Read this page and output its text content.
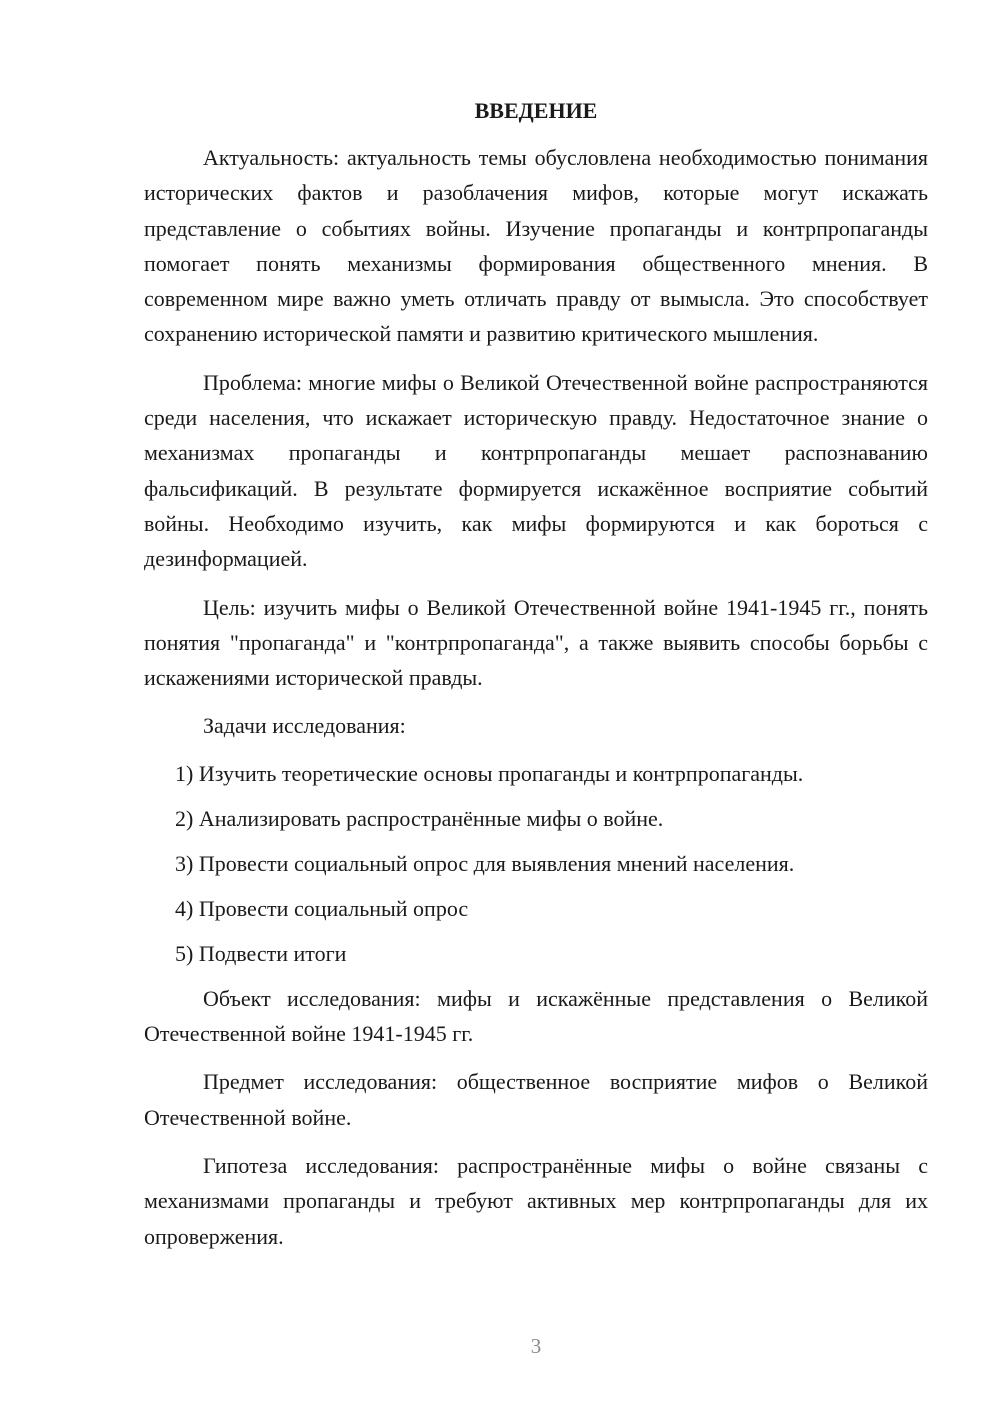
ВВЕДЕНИЕ

Актуальность: актуальность темы обусловлена необходимостью понимания исторических фактов и разоблачения мифов, которые могут искажать представление о событиях войны. Изучение пропаганды и контрпропаганды помогает понять механизмы формирования общественного мнения. В современном мире важно уметь отличать правду от вымысла. Это способствует сохранению исторической памяти и развитию критического мышления.

Проблема: многие мифы о Великой Отечественной войне распространяются среди населения, что искажает историческую правду. Недостаточное знание о механизмах пропаганды и контрпропаганды мешает распознаванию фальсификаций. В результате формируется искажённое восприятие событий войны. Необходимо изучить, как мифы формируются и как бороться с дезинформацией.

Цель: изучить мифы о Великой Отечественной войне 1941-1945 гг., понять понятия "пропаганда" и "контрпропаганда", а также выявить способы борьбы с искажениями исторической правды.

Задачи исследования:

1) Изучить теоретические основы пропаганды и контрпропаганды.
2) Анализировать распространённые мифы о войне.
3) Провести социальный опрос для выявления мнений населения.
4) Провести социальный опрос
5) Подвести итоги

Объект исследования: мифы и искажённые представления о Великой Отечественной войне 1941-1945 гг.

Предмет исследования: общественное восприятие мифов о Великой Отечественной войне.

Гипотеза исследования: распространённые мифы о войне связаны с механизмами пропаганды и требуют активных мер контрпропаганды для их опровержения.

3
